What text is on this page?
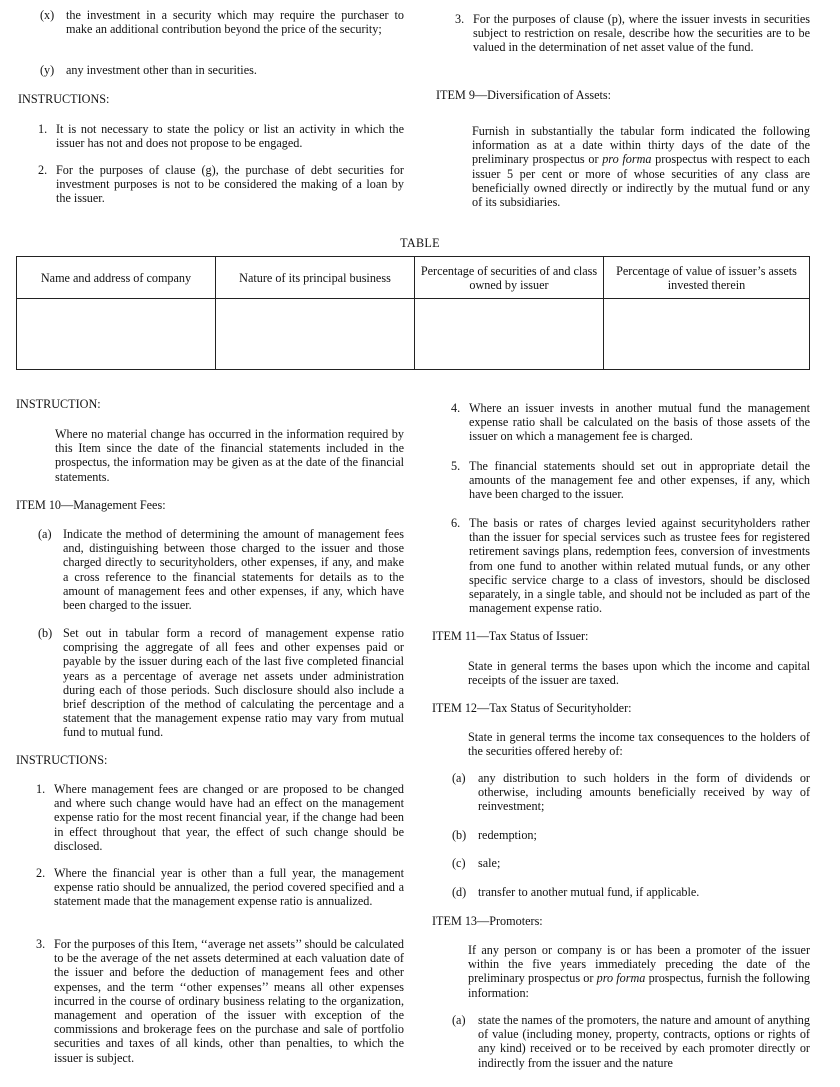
(x) the investment in a security which may require the purchaser to make an additional contribution beyond the price of the security;
(y) any investment other than in securities.
INSTRUCTIONS:
1. It is not necessary to state the policy or list an activity in which the issuer has not and does not propose to be engaged.
2. For the purposes of clause (g), the purchase of debt securities for investment purposes is not to be considered the making of a loan by the issuer.
3. For the purposes of clause (p), where the issuer invests in securities subject to restriction on resale, describe how the securities are to be valued in the determination of net asset value of the fund.
ITEM 9—Diversification of Assets:
Furnish in substantially the tabular form indicated the following information as at a date within thirty days of the date of the preliminary prospectus or pro forma prospectus with respect to each issuer 5 per cent or more of whose securities of any class are beneficially owned directly or indirectly by the mutual fund or any of its subsidiaries.
TABLE
Name and address of company	Nature of its principal business	Percentage of securities of and class owned by issuer	Percentage of value of issuer’s assets invested therein

INSTRUCTION:
Where no material change has occurred in the information required by this Item since the date of the financial statements included in the prospectus, the information may be given as at the date of the financial statements.
ITEM 10—Management Fees:
(a) Indicate the method of determining the amount of management fees and, distinguishing between those charged to the issuer and those charged directly to securityholders, other expenses, if any, and make a cross reference to the financial statements for details as to the amount of management fees and other expenses, if any, which have been charged to the issuer.
(b) Set out in tabular form a record of management expense ratio comprising the aggregate of all fees and other expenses paid or payable by the issuer during each of the last five completed financial years as a percentage of average net assets under administration during each of those periods. Such disclosure should also include a brief description of the method of calculating the percentage and a statement that the management expense ratio may vary from mutual fund to mutual fund.
INSTRUCTIONS:
1. Where management fees are changed or are proposed to be changed and where such change would have had an effect on the management expense ratio for the most recent financial year, if the change had been in effect throughout that year, the effect of such change should be disclosed.
2. Where the financial year is other than a full year, the management expense ratio should be annualized, the period covered specified and a statement made that the management expense ratio is annualized.
3. For the purposes of this Item, ‘‘average net assets’’ should be calculated to be the average of the net assets determined at each valuation date of the issuer and before the deduction of management fees and other expenses, and the term ‘‘other expenses’’ means all other expenses incurred in the course of ordinary business relating to the organization, management and operation of the issuer with exception of the commissions and brokerage fees on the purchase and sale of portfolio securities and taxes of all kinds, other than penalties, to which the issuer is subject.
4. Where an issuer invests in another mutual fund the management expense ratio shall be calculated on the basis of those assets of the issuer on which a management fee is charged.
5. The financial statements should set out in appropriate detail the amounts of the management fee and other expenses, if any, which have been charged to the issuer.
6. The basis or rates of charges levied against securityholders rather than the issuer for special services such as trustee fees for registered retirement savings plans, redemption fees, conversion of investments from one fund to another within related mutual funds, or any other specific service charge to a class of investors, should be disclosed separately, in a single table, and should not be included as part of the management expense ratio.
ITEM 11—Tax Status of Issuer:
State in general terms the bases upon which the income and capital receipts of the issuer are taxed.
ITEM 12—Tax Status of Securityholder:
State in general terms the income tax consequences to the holders of the securities offered hereby of:
(a)	any distribution to such holders in the form of dividends or otherwise, including amounts beneficially received by way of reinvestment;
(b) redemption;
(c)	sale;
(d) transfer to another mutual fund, if applicable.
ITEM 13—Promoters:
If any person or company is or has been a promoter of the issuer within the five years immediately preceding the date of the preliminary prospectus or pro forma prospectus, furnish the following information:
(a)	state the names of the promoters, the nature and amount of anything of value (including money, property, contracts, options or rights of any kind) received or to be received by each promoter directly or indirectly from the issuer and the nature
